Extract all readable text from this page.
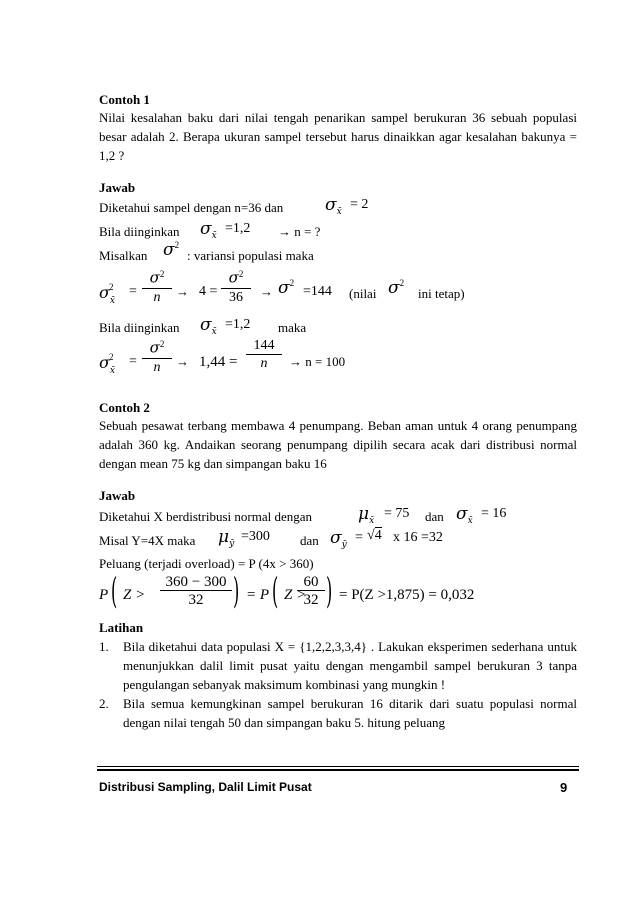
Contoh 1
Nilai kesalahan baku dari nilai tengah penarikan sampel berukuran 36 sebuah populasi besar adalah 2. Berapa ukuran sampel tersebut harus dinaikkan agar kesalahan bakunya = 1,2 ?
Jawab
Diketahui sampel dengan n=36 dan $\sigma_{x̄} = 2$
Bila diinginkan $\sigma_{x̄} =1,2 \to n$ = ?
Misalkan $\sigma^2$
: variansi populasi maka
$\sigma_{x̄}^2$	= $\frac{\sigma^2}{n} \to 4 = \frac{\sigma^2}{36} \to \sigma^2$
=144 (nilai $\sigma^2$
ini tetap)
Bila diinginkan $\sigma_{x̄} =1,2$ maka
$\sigma_{x̄}^2$	= $\frac{\sigma^2}{n} \to 1,44 = \frac{144}{n} \to n = 100$
Contoh 2
Sebuah pesawat terbang membawa 4 penumpang. Beban aman untuk 4 orang penumpang adalah 360 kg. Andaikan seorang penumpang dipilih secara acak dari distribusi normal dengan mean 75 kg dan simpangan baku 16
Jawab
Diketahui X berdistribusi normal dengan	$\mu_{x̄} = 75$ dan $\sigma_{x̄} = 16$
Misal Y=4X maka $\mu_ȳ =300$ dan $\sigma_ȳ = √4$ x 16 =32
Peluang (terjadi overload) = P (4x > 360)
P ( $Z > \frac{360 - 300}{32}$ ) = P ( Z >
$\frac{60}{32}$ ) = P(Z >1,875) = 0,032
Latihan
1. Bila diketahui data populasi X = {1,2,2,3,3,4} . Lakukan eksperimen sederhana untuk menunjukkan dalil limit pusat yaitu dengan mengambil sampel berukuran 3 tanpa pengulangan sebanyak maksimum kombinasi yang mungkin !
2. Bila semua kemungkinan sampel berukuran 16 ditarik dari suatu populasi normal dengan nilai tengah 50 dan simpangan baku 5. hitung peluang
Distribusi Sampling, Dalil Limit Pusat	9
